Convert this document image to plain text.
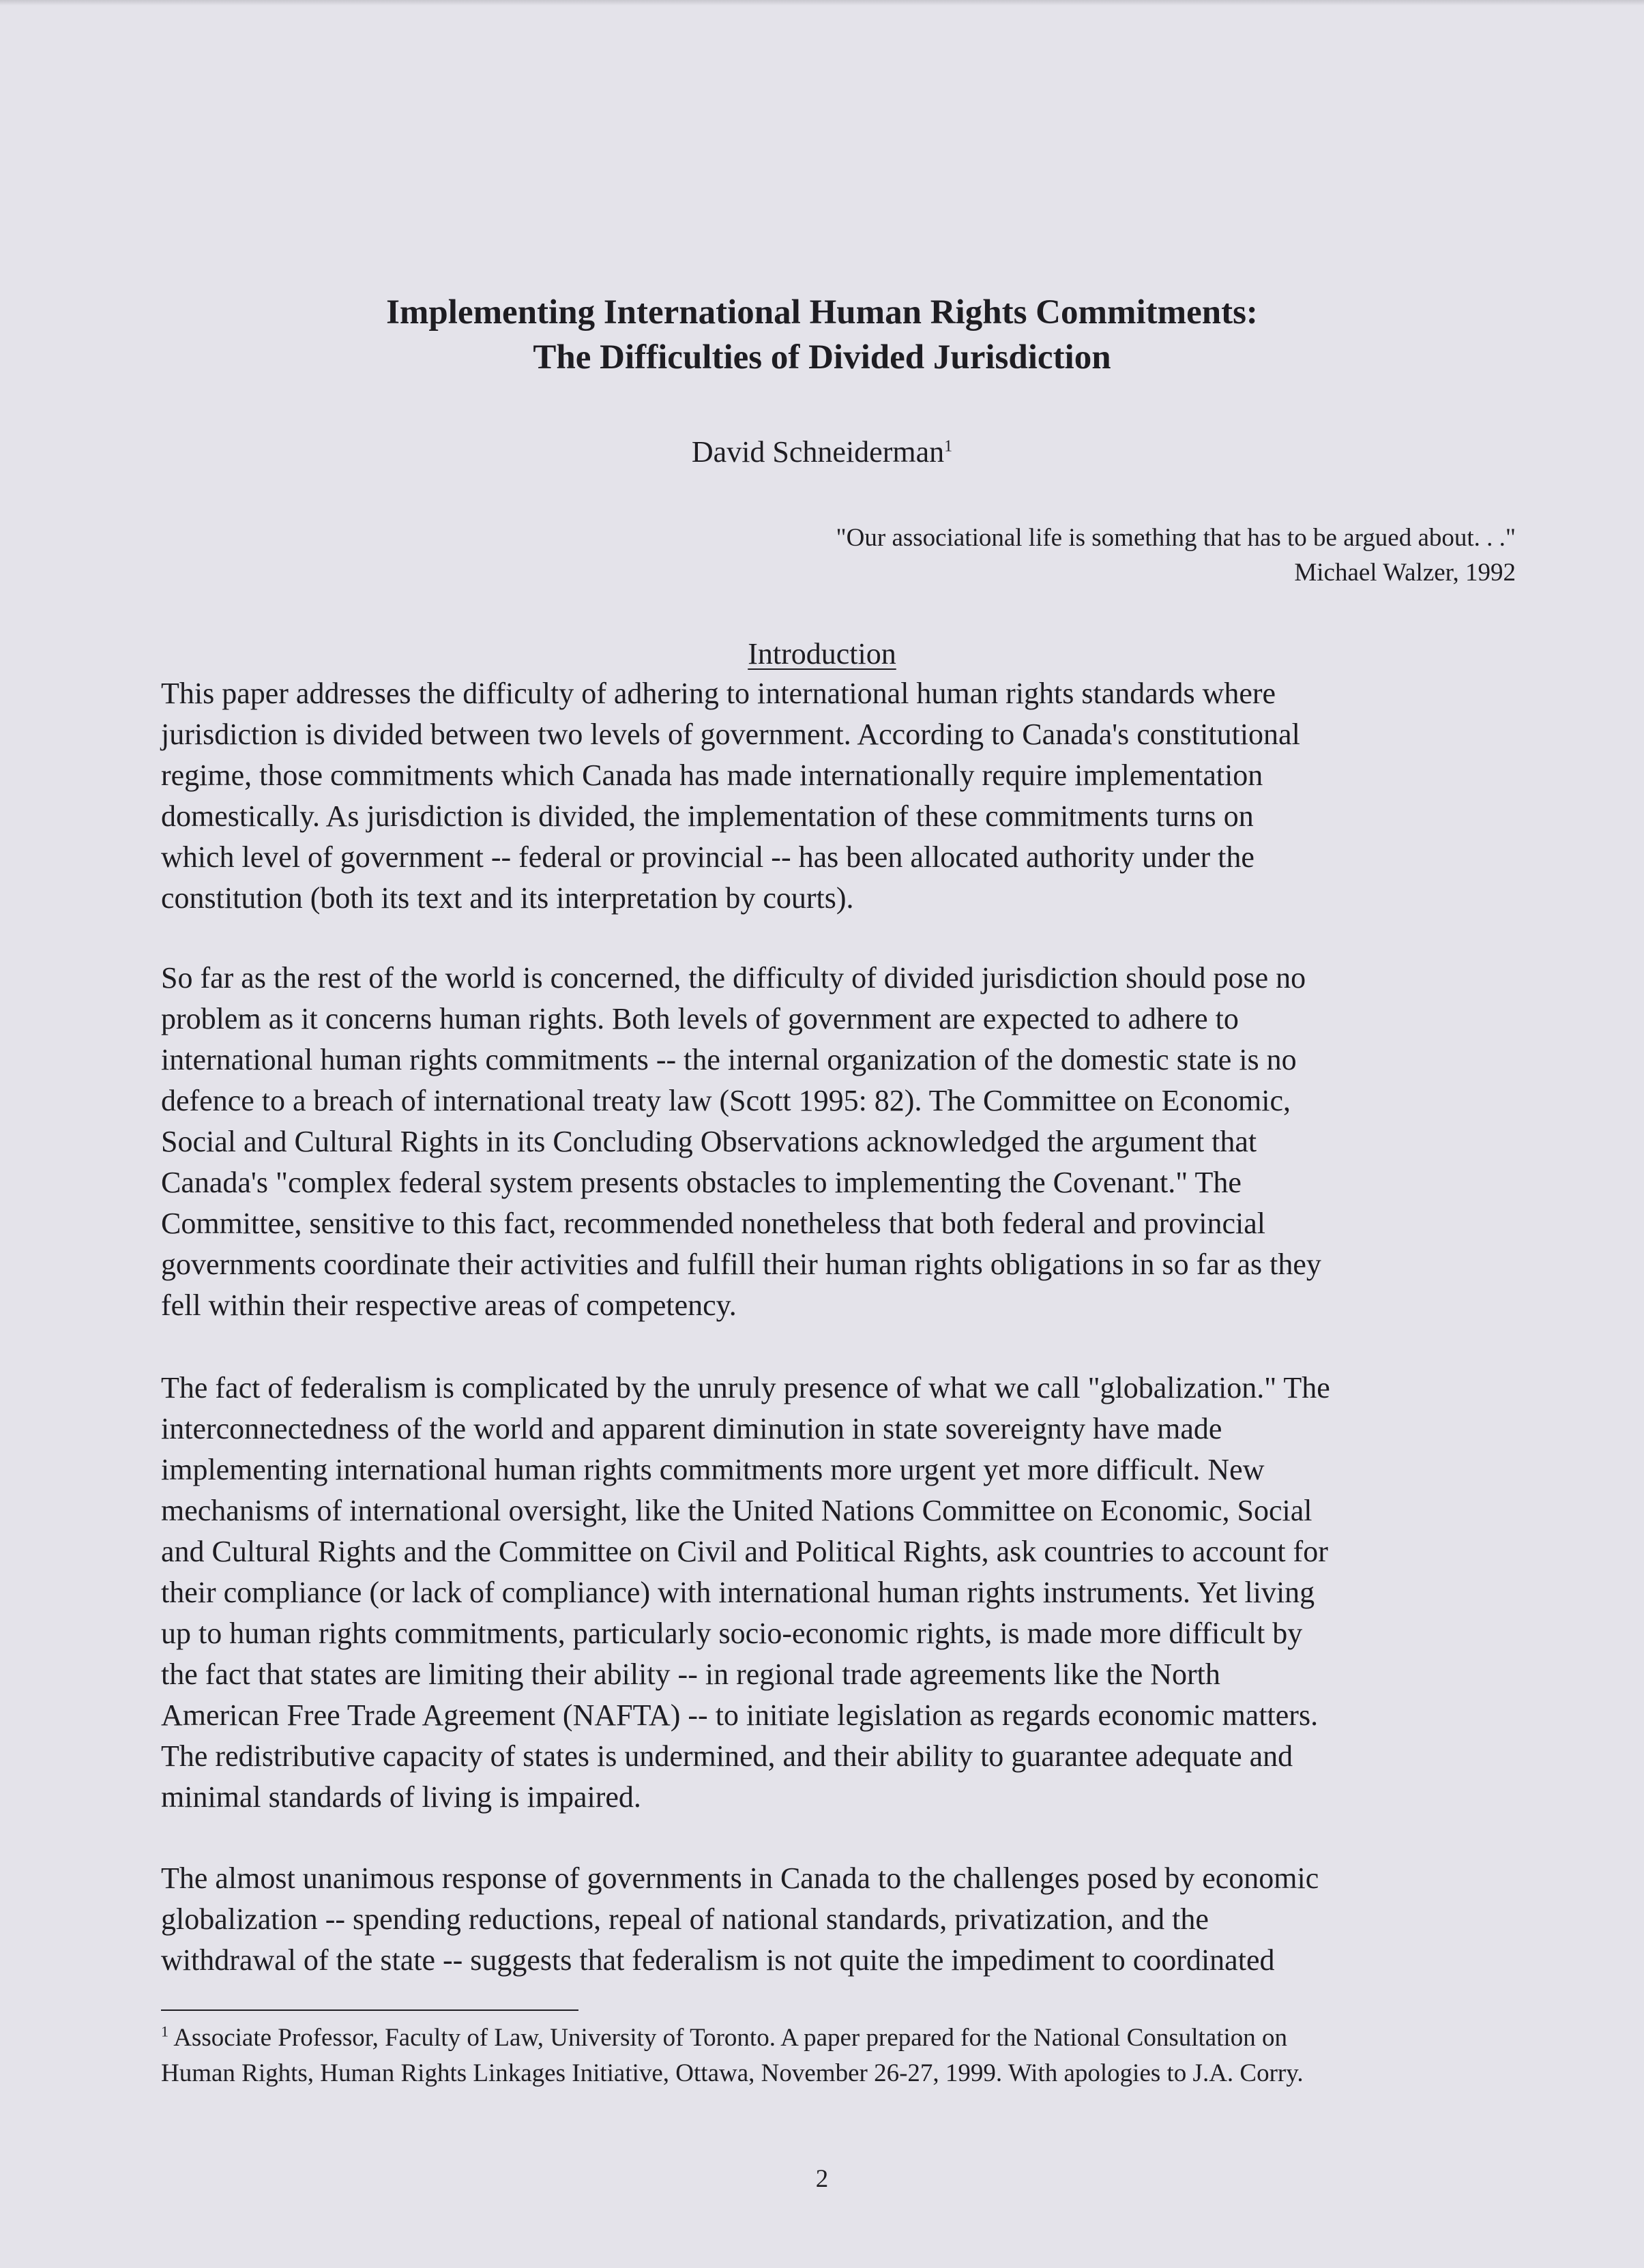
Implementing International Human Rights Commitments:
The Difficulties of Divided Jurisdiction
David Schneiderman$^1$
"Our associational life is something that has to be argued about. . ."
Michael Walzer, 1992
Introduction
This paper addresses the difficulty of adhering to international human rights standards where
jurisdiction is divided between two levels of government. According to Canada's constitutional
regime, those commitments which Canada has made internationally require implementation
domestically. As jurisdiction is divided, the implementation of these commitments turns on
which level of government -- federal or provincial -- has been allocated authority under the
constitution (both its text and its interpretation by courts).
So far as the rest of the world is concerned, the difficulty of divided jurisdiction should pose no
problem as it concerns human rights. Both levels of government are expected to adhere to
international human rights commitments -- the internal organization of the domestic state is no
defence to a breach of international treaty law (Scott 1995: 82). The Committee on Economic,
Social and Cultural Rights in its Concluding Observations acknowledged the argument that
Canada's "complex federal system presents obstacles to implementing the Covenant." The
Committee, sensitive to this fact, recommended nonetheless that both federal and provincial
governments coordinate their activities and fulfill their human rights obligations in so far as they
fell within their respective areas of competency.
The fact of federalism is complicated by the unruly presence of what we call "globalization." The
interconnectedness of the world and apparent diminution in state sovereignty have made
implementing international human rights commitments more urgent yet more difficult. New
mechanisms of international oversight, like the United Nations Committee on Economic, Social
and Cultural Rights and the Committee on Civil and Political Rights, ask countries to account for
their compliance (or lack of compliance) with international human rights instruments. Yet living
up to human rights commitments, particularly socio-economic rights, is made more difficult by
the fact that states are limiting their ability -- in regional trade agreements like the North
American Free Trade Agreement (NAFTA) -- to initiate legislation as regards economic matters.
The redistributive capacity of states is undermined, and their ability to guarantee adequate and
minimal standards of living is impaired.
The almost unanimous response of governments in Canada to the challenges posed by economic
globalization -- spending reductions, repeal of national standards, privatization, and the
withdrawal of the state -- suggests that federalism is not quite the impediment to coordinated
$^1$ Associate Professor, Faculty of Law, University of Toronto. A paper prepared for the National Consultation on
Human Rights, Human Rights Linkages Initiative, Ottawa, November 26-27, 1999. With apologies to J.A. Corry.
2
